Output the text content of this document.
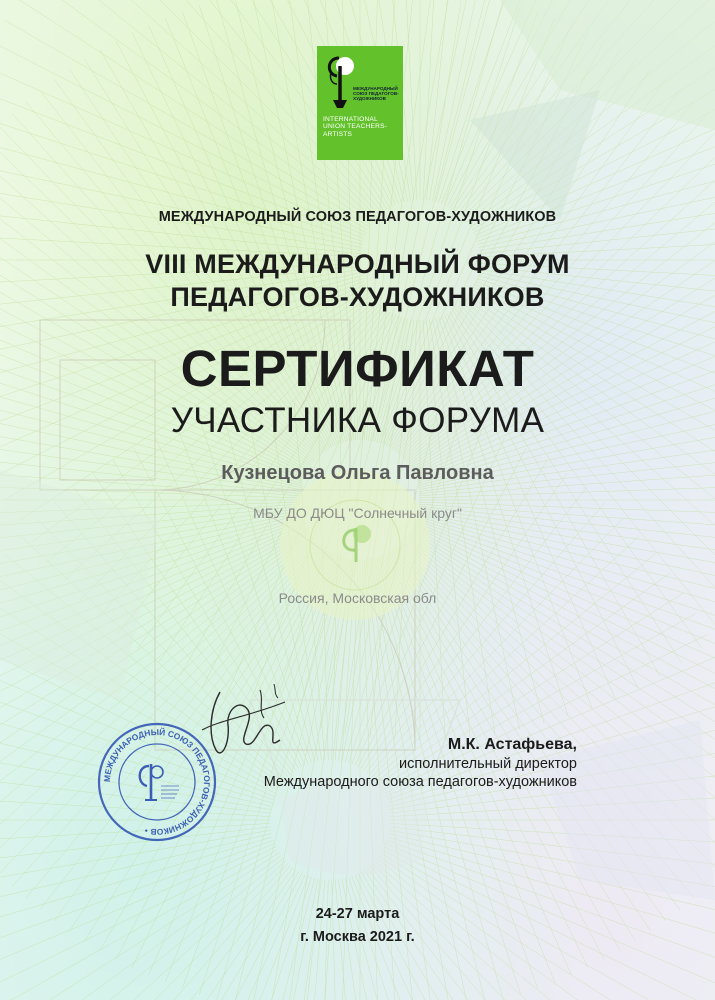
МЕЖДУНАРОДНЫЙ СОЮЗ ПЕДАГОГОВ-ХУДОЖНИКОВ
INTERNATIONAL UNION TEACHERS-ARTISTS
МЕЖДУНАРОДНЫЙ СОЮЗ ПЕДАГОГОВ-ХУДОЖНИКОВ
VIII МЕЖДУНАРОДНЫЙ ФОРУМ
ПЕДАГОГОВ-ХУДОЖНИКОВ
СЕРТИФИКАТ
УЧАСТНИКА ФОРУМА
Кузнецова Ольга Павловна
МБУ ДО ДЮЦ "Солнечный круг"
Россия, Московская обл
МЕЖДУНАРОДНЫЙ СОЮЗ ПЕДАГОГОВ-ХУДОЖНИКОВ •
М.К. Астафьева,
исполнительный директор
Международного союза педагогов-художников
24-27 марта
г. Москва 2021 г.
